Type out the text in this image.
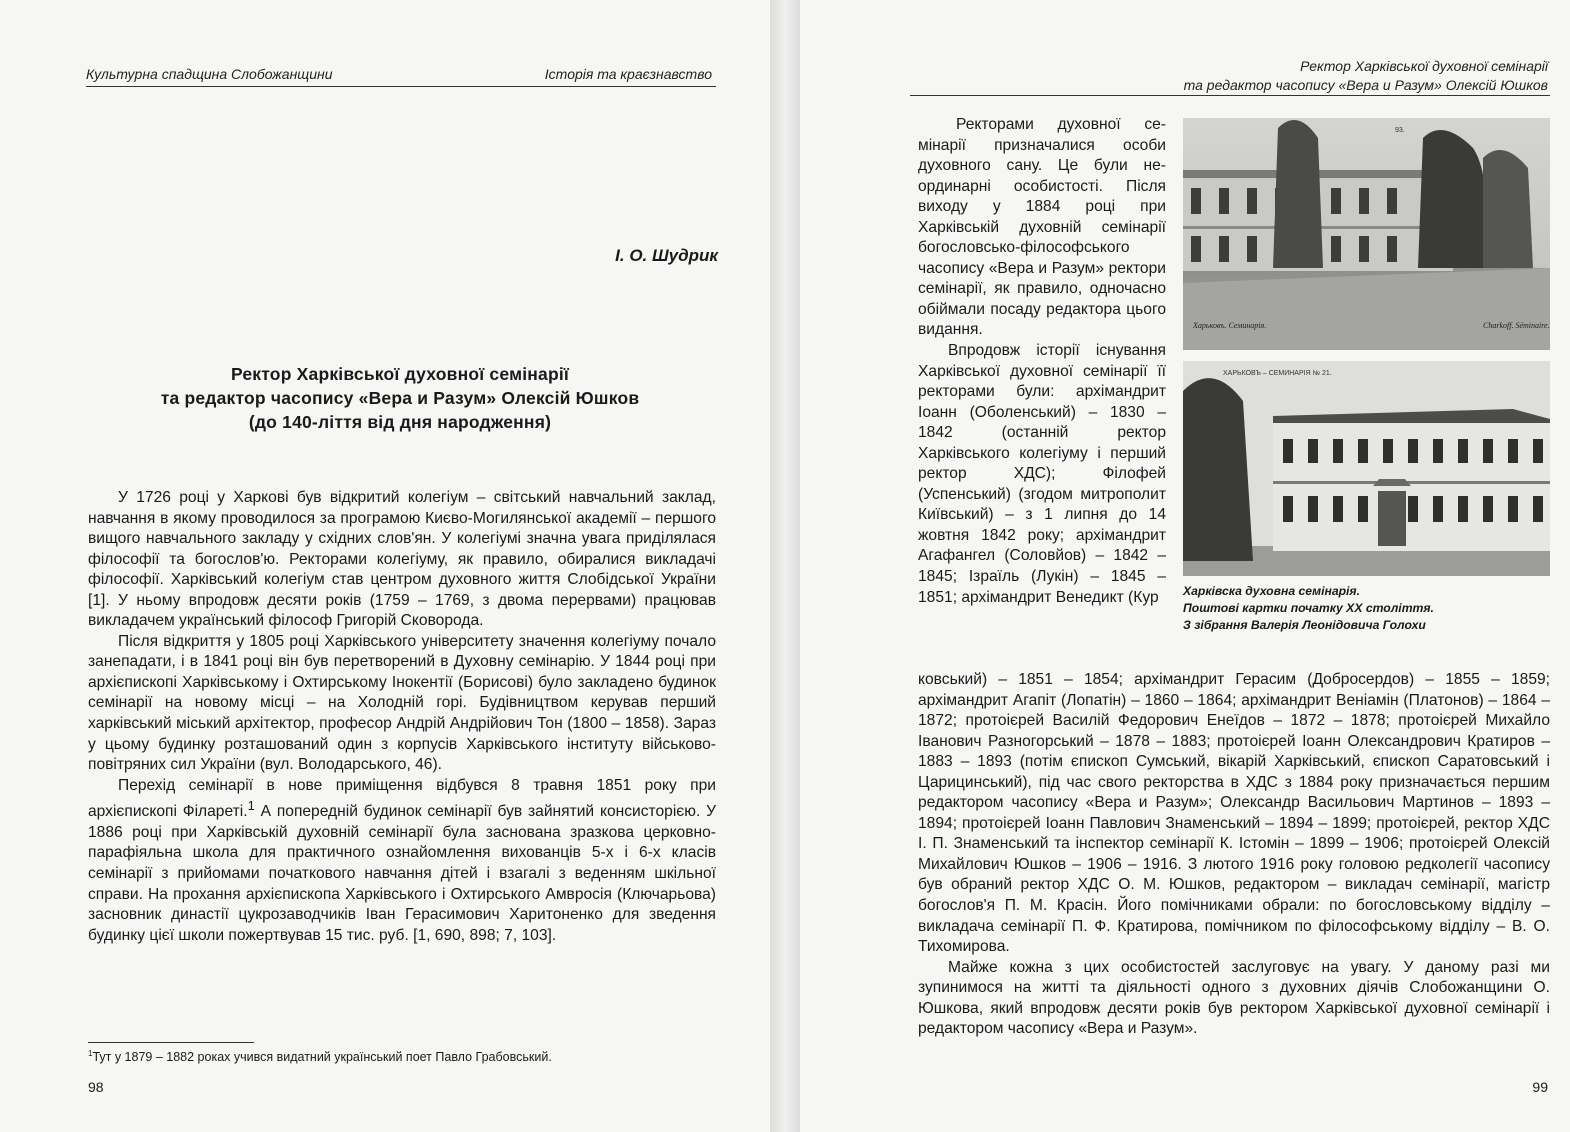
Культурна спадщина Слобожанщини	Історія та краєзнавство
І. О. Шудрик
Ректор Харківської духовної семінарії
та редактор часопису «Вера и Разум» Олексій Юшков
(до 140-ліття від дня народження)

У 1726 році у Харкові був відкритий колегіум – світський навчальний заклад, навчання в якому проводилося за програмою Києво-Могилянської академії – першого вищого навчального закладу у східних слов'ян. У колегіумі значна увага приділялася філософії та богослов'ю. Ректорами колегіуму, як правило, обиралися викладачі філософії. Харківський колегіум став центром духовного життя Слобідської України [1]. У ньому впродовж десяти років (1759 – 1769, з двома перервами) працював викладачем український філософ Григорій Сковорода.

Після відкриття у 1805 році Харківського університету значення колегіуму почало занепадати, і в 1841 році він був перетворений в Духовну семінарію. У 1844 році при архієпископі Харківському і Охтирському Інокентії (Борисові) було закладено будинок семінарії на новому місці – на Холодній горі. Будівництвом керував перший харківський міський архітектор, професор Андрій Андрійович Тон (1800 – 1858). Зараз у цьому будинку розташований один з корпусів Харківського інституту військовоповітряних сил України (вул. Володарського, 46).

Перехід семінарії в нове приміщення відбувся 8 травня 1851 року при архієпископі Філареті.$^1$ А попередній будинок семінарії був зайнятий консисторією. У 1886 році при Харківській духовній семінарії була заснована зразкова церковно-парафіяльна школа для практичного ознайомлення вихованців 5-х і 6-х класів семінарії з прийомами початкового навчання дітей і взагалі з веденням шкільної справи. На прохання архієпископа Харківського і Охтирського Амвросія (Ключарьова) засновник династії цукрозаводчиків Іван Герасимович Харитоненко для зведення будинку цієї школи пожертвував 15 тис. руб. [1, 690, 898; 7, 103].

$^1$Тут у 1879 – 1882 роках учився видатний український поет Павло Грабовський.
98
Ректор Харківської духовної семінарії
та редактор часопису «Вера и Разум» Олексій Юшков

Ректорами духовної семінарії призначалися особи духовного сану. Це були неординарні особистості. Після виходу у 1884 році при Харківській духовній семінарії богословсько-філософського часопису «Вера и Разум» ректори семінарії, як правило, одночасно обіймали посаду редактора цього видання.

Впродовж історії існування Харківської духовної семінарії її ректорами були: архімандрит Іоанн (Оболенський) – 1830 – 1842 (останній ректор Харківського колегіуму і перший ректор ХДС); Філофей (Успенський) (згодом митрополит Київський) – з 1 липня до 14 жовтня 1842 року; архімандрит Агафангел (Соловйов) – 1842 – 1845; Ізраїль (Лукін) – 1845 – 1851; архімандрит Венедикт (Кур

Харьковъ. Семинарія.	Charkoff. Séminaire.
93.
ХАРЬКОВЪ – СЕМИНАРІЯ № 21.
Харківска духовна семінарія.
Поштові картки початку ХХ століття.
З зібрання Валерія Леонідовича Голохи

ковський) – 1851 – 1854; архімандрит Герасим (Добросердов) – 1855 – 1859; архімандрит Агапіт (Лопатін) – 1860 – 1864; архімандрит Веніамін (Платонов) – 1864 – 1872; протоієрей Василій Федорович Енеїдов – 1872 – 1878; протоієрей Михайло Іванович Разногорський – 1878 – 1883; протоієрей Іоанн Олександрович Кратиров – 1883 – 1893 (потім єпископ Сумський, вікарій Харківський, єпископ Саратовський і Царицинський), під час свого ректорства в ХДС з 1884 року призначається першим редактором часопису «Вера и Разум»; Олександр Васильович Мартинов – 1893 – 1894; протоієрей Іоанн Павлович Знаменський – 1894 – 1899; протоієрей, ректор ХДС І. П. Знаменський та інспектор семінарії К. Істомін – 1899 – 1906; протоієрей Олексій Михайлович Юшков – 1906 – 1916. З лютого 1916 року головою редколегії часопису був обраний ректор ХДС О. М. Юшков, редактором – викладач семінарії, магістр богослов'я П. М. Красін. Його помічниками обрали: по богословському відділу – викладача семінарії П. Ф. Кратирова, помічником по філософському відділу – В. О. Тихомирова.

Майже кожна з цих особистостей заслуговує на увагу. У даному разі ми зупинимося на житті та діяльності одного з духовних діячів Слобожанщини О. Юшкова, який впродовж десяти років був ректором Харківської духовної семінарії і редактором часопису «Вера и Разум».

99
